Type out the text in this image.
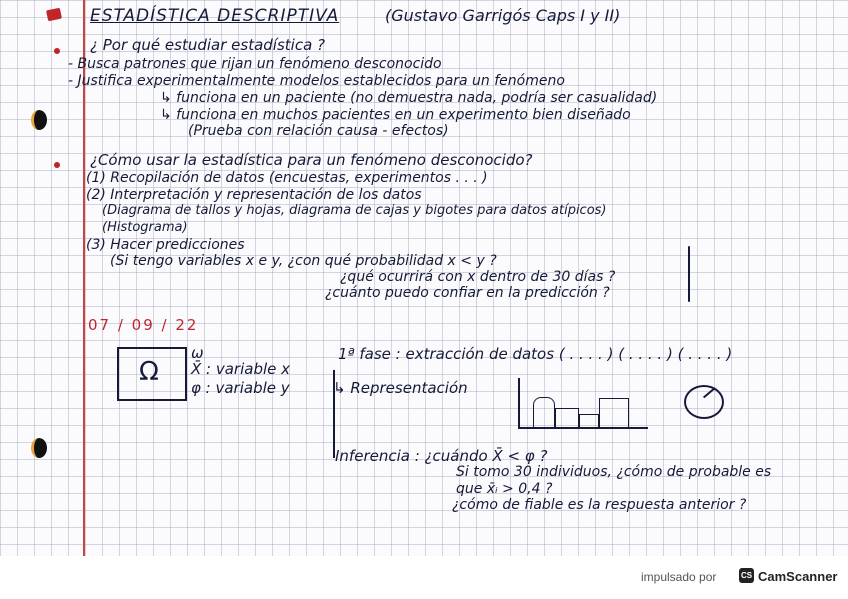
ESTADÍSTICA DESCRIPTIVA	(Gustavo Garrigós Caps I y II)
¿ Por qué estudiar estadística ?
- Busca patrones que rijan un fenómeno desconocido
- Justifica experimentalmente modelos establecidos para un fenómeno
↳ funciona en un paciente (no demuestra nada, podría ser casualidad)
↳ funciona en muchos pacientes en un experimento bien diseñado
(Prueba con relación causa - efectos)
¿Cómo usar la estadística para un fenómeno desconocido?
(1) Recopilación de datos (encuestas, experimentos . . . )
(2) Interpretación y representación de los datos
(Diagrama de tallos y hojas, diagrama de cajas y bigotes para datos atípicos)
(Histograma)
(3) Hacer predicciones
(Si tengo variables x e y, ¿con qué probabilidad x < y ?
¿qué ocurrirá con x dentro de 30 días ?
¿cuánto puedo confiar en la predicción ?
07 / 09 / 22
Ω
ω
X̄ : variable x
φ : variable y
1ª fase : extracción de datos ( . . . . ) ( . . . . ) ( . . . . )
↳ Representación
Inferencia : ¿cuándo X̄ < φ ?
Si tomo 30 individuos, ¿cómo de probable es
que x̄ᵢ > 0,4 ?
¿cómo de fiable es la respuesta anterior ?
impulsado por	CS CamScanner
